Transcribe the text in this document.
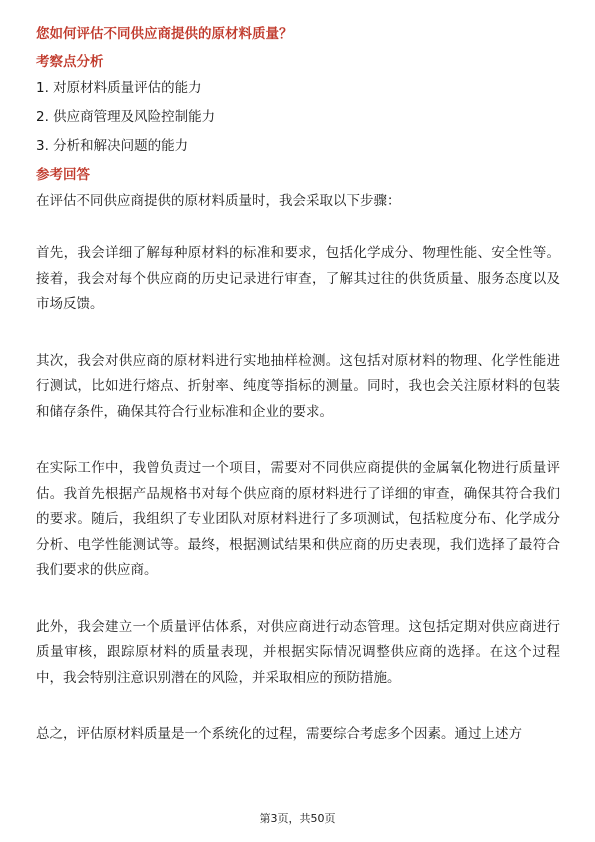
您如何评估不同供应商提供的原材料质量？
考察点分析
1. 对原材料质量评估的能力
2. 供应商管理及风险控制能力
3. 分析和解决问题的能力
参考回答

在评估不同供应商提供的原材料质量时，我会采取以下步骤：

首先，我会详细了解每种原材料的标准和要求，包括化学成分、物理性能、安全性等。接着，我会对每个供应商的历史记录进行审查，了解其过往的供货质量、服务态度以及市场反馈。

其次，我会对供应商的原材料进行实地抽样检测。这包括对原材料的物理、化学性能进行测试，比如进行熔点、折射率、纯度等指标的测量。同时，我也会关注原材料的包装和储存条件，确保其符合行业标准和企业的要求。

在实际工作中，我曾负责过一个项目，需要对不同供应商提供的金属氧化物进行质量评估。我首先根据产品规格书对每个供应商的原材料进行了详细的审查，确保其符合我们的要求。随后，我组织了专业团队对原材料进行了多项测试，包括粒度分布、化学成分分析、电学性能测试等。最终，根据测试结果和供应商的历史表现，我们选择了最符合我们要求的供应商。

此外，我会建立一个质量评估体系，对供应商进行动态管理。这包括定期对供应商进行质量审核，跟踪原材料的质量表现，并根据实际情况调整供应商的选择。在这个过程中，我会特别注意识别潜在的风险，并采取相应的预防措施。

总之，评估原材料质量是一个系统化的过程，需要综合考虑多个因素。通过上述方

第3页，共50页
